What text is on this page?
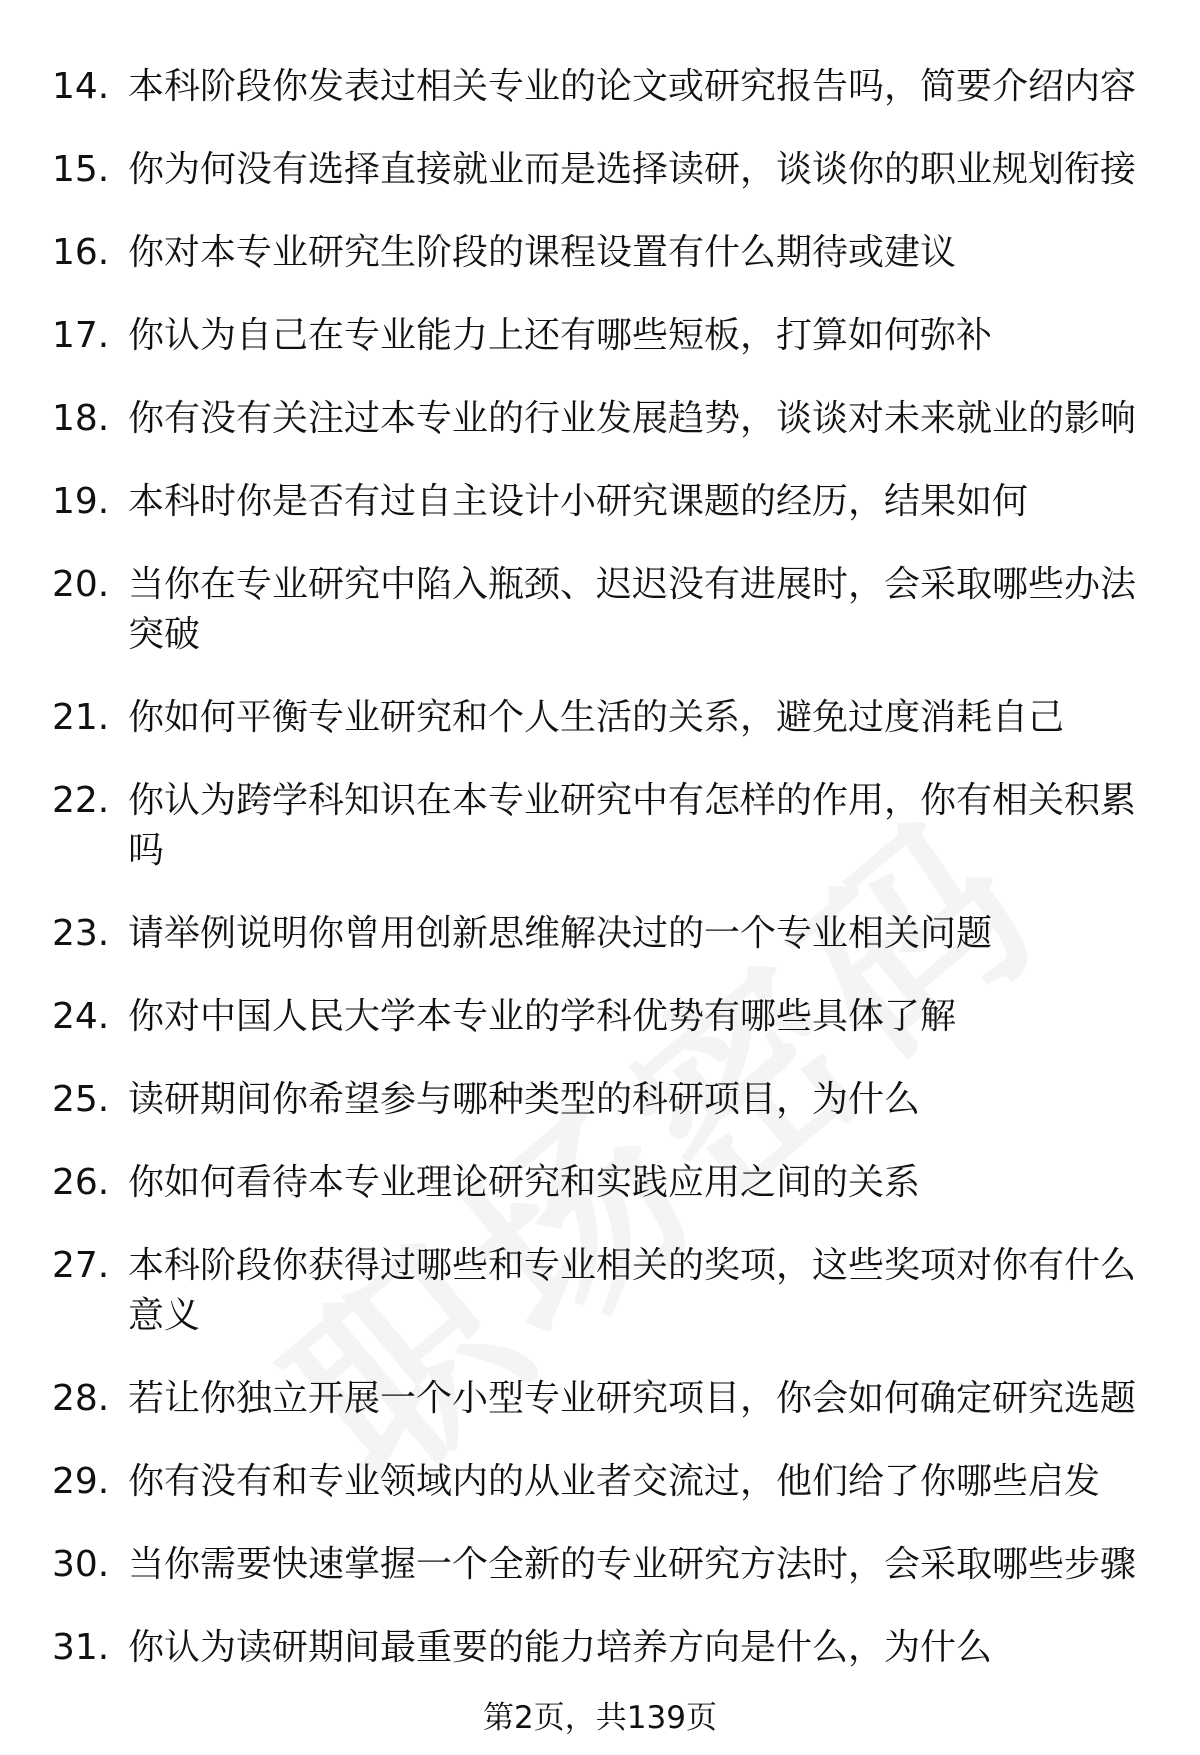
14. 本科阶段你发表过相关专业的论文或研究报告吗，简要介绍内容
15. 你为何没有选择直接就业而是选择读研，谈谈你的职业规划衔接
16. 你对本专业研究生阶段的课程设置有什么期待或建议
17. 你认为自己在专业能力上还有哪些短板，打算如何弥补
18. 你有没有关注过本专业的行业发展趋势，谈谈对未来就业的影响
19. 本科时你是否有过自主设计小研究课题的经历，结果如何
20. 当你在专业研究中陷入瓶颈、迟迟没有进展时，会采取哪些办法突破
21. 你如何平衡专业研究和个人生活的关系，避免过度消耗自己
22. 你认为跨学科知识在本专业研究中有怎样的作用，你有相关积累吗
23. 请举例说明你曾用创新思维解决过的一个专业相关问题
24. 你对中国人民大学本专业的学科优势有哪些具体了解
25. 读研期间你希望参与哪种类型的科研项目，为什么
26. 你如何看待本专业理论研究和实践应用之间的关系
27. 本科阶段你获得过哪些和专业相关的奖项，这些奖项对你有什么意义
28. 若让你独立开展一个小型专业研究项目，你会如何确定研究选题
29. 你有没有和专业领域内的从业者交流过，他们给了你哪些启发
30. 当你需要快速掌握一个全新的专业研究方法时，会采取哪些步骤
31. 你认为读研期间最重要的能力培养方向是什么，为什么
第2页，共139页
